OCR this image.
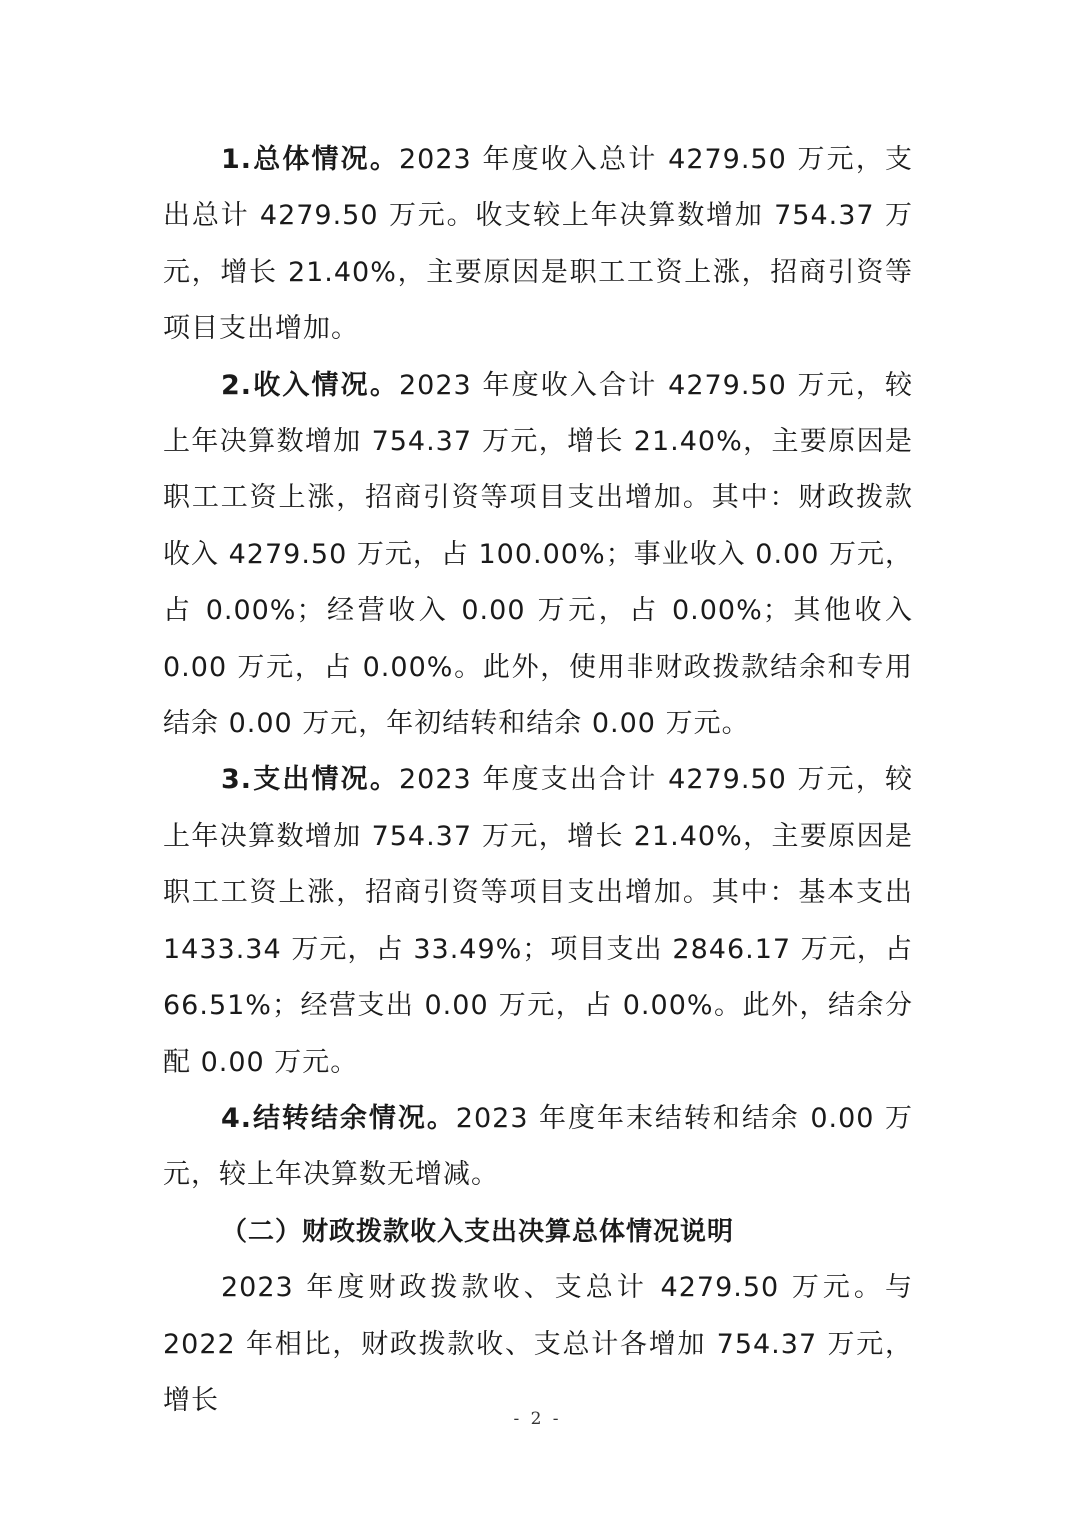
1.总体情况。2023 年度收入总计 4279.50 万元，支出总计 4279.50 万元。收支较上年决算数增加 754.37 万元，增长 21.40%，主要原因是职工工资上涨，招商引资等项目支出增加。

2.收入情况。2023 年度收入合计 4279.50 万元，较上年决算数增加 754.37 万元，增长 21.40%，主要原因是职工工资上涨，招商引资等项目支出增加。其中：财政拨款收入 4279.50 万元，占 100.00%；事业收入 0.00 万元，占 0.00%；经营收入 0.00 万元，占 0.00%；其他收入 0.00 万元，占 0.00%。此外，使用非财政拨款结余和专用结余 0.00 万元，年初结转和结余 0.00 万元。

3.支出情况。2023 年度支出合计 4279.50 万元，较上年决算数增加 754.37 万元，增长 21.40%，主要原因是职工工资上涨，招商引资等项目支出增加。其中：基本支出 1433.34 万元，占 33.49%；项目支出 2846.17 万元，占 66.51%；经营支出 0.00 万元，占 0.00%。此外，结余分配 0.00 万元。

4.结转结余情况。2023 年度年末结转和结余 0.00 万元，较上年决算数无增减。

（二）财政拨款收入支出决算总体情况说明

2023 年度财政拨款收、支总计 4279.50 万元。与 2022 年相比，财政拨款收、支总计各增加 754.37 万元，增长

- 2 -
